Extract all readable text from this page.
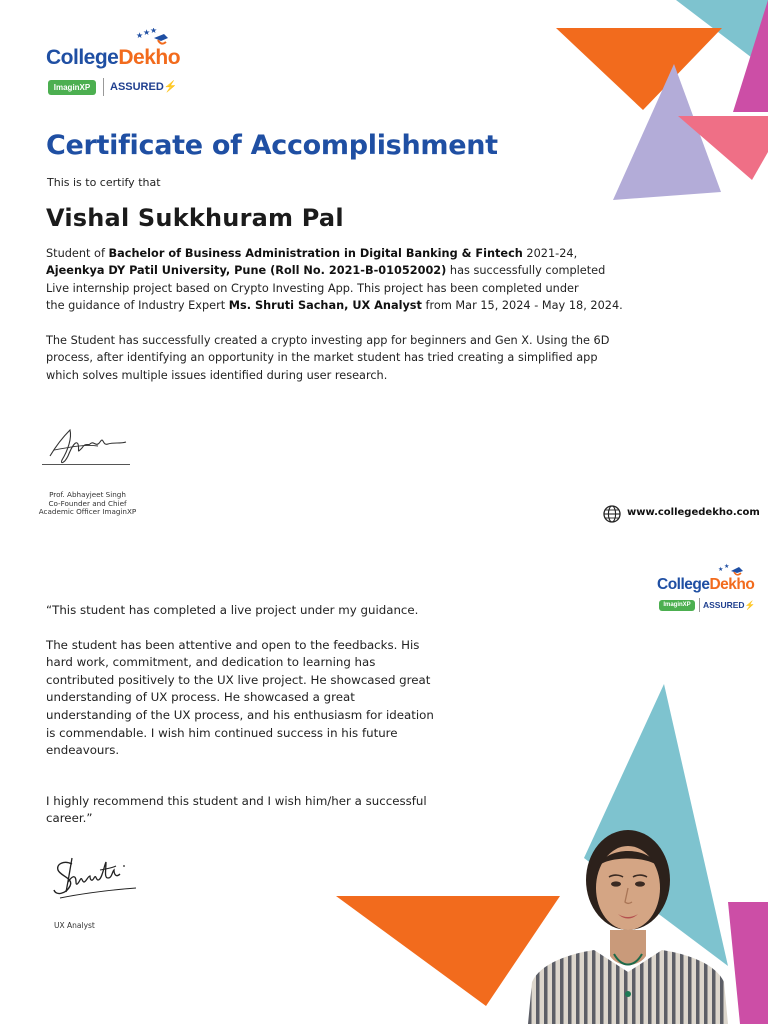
★ ★ ★
CollegeDekho
ImaginXP	ASSURED⚡
Certificate of Accomplishment
This is to certify that
Vishal Sukkhuram Pal
Student of Bachelor of Business Administration in Digital Banking & Fintech 2021-24,
Ajeenkya DY Patil University, Pune (Roll No. 2021-B-01052002) has successfully completed
Live internship project based on Crypto Investing App. This project has been completed under
the guidance of Industry Expert Ms. Shruti Sachan, UX Analyst from Mar 15, 2024 - May 18, 2024.
The Student has successfully created a crypto investing app for beginners and Gen X. Using the 6D
process, after identifying an opportunity in the market student has tried creating a simplified app
which solves multiple issues identified during user research.
Prof. Abhayjeet Singh
Co-Founder and Chief
Academic Officer ImaginXP	www.collegedekho.com
★ ★
CollegeDekho
ImaginXP	ASSURED⚡
“This student has completed a live project under my guidance.
The student has been attentive and open to the feedbacks. His
hard work, commitment, and dedication to learning has
contributed positively to the UX live project. He showcased great
understanding of UX process. He showcased a great
understanding of the UX process, and his enthusiasm for ideation
is commendable. I wish him continued success in his future
endeavours.
I highly recommend this student and I wish him/her a successful
career.”
UX Analyst
